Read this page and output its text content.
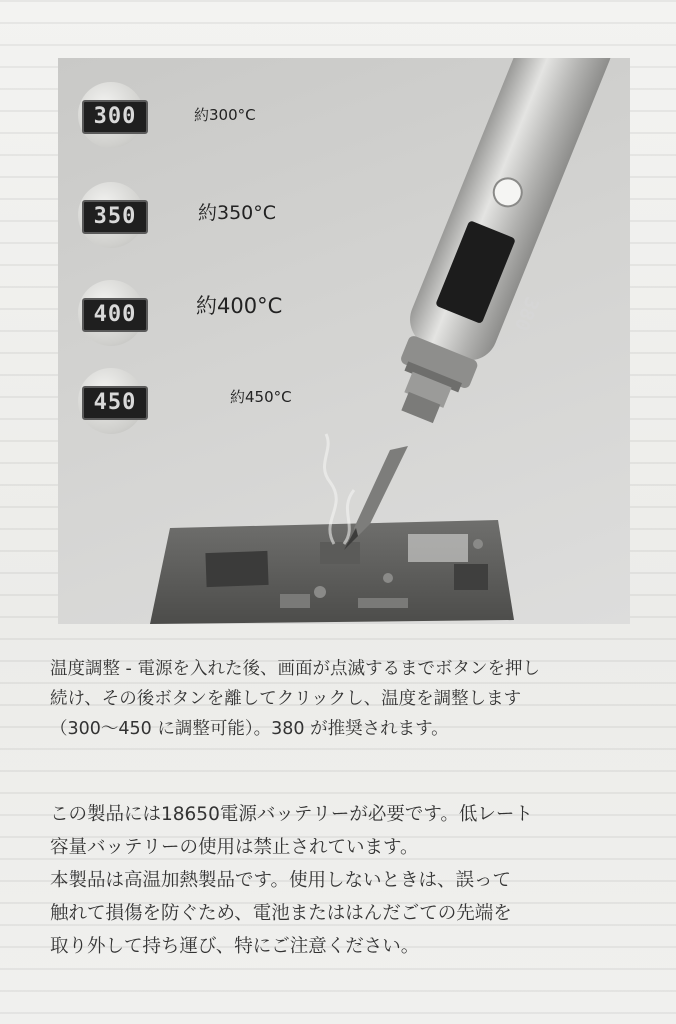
300	約300°C
350	約350°C
400	約400°C
450	約450°C
380

温度調整 - 電源を入れた後、画面が点滅するまでボタンを押し
続け、その後ボタンを離してクリックし、温度を調整します
（300～450 に調整可能）。380 が推奨されます。

この製品には18650電源バッテリーが必要です。低レート
容量バッテリーの使用は禁止されています。
本製品は高温加熱製品です。使用しないときは、誤って
触れて損傷を防ぐため、電池またははんだごての先端を
取り外して持ち運び、特にご注意ください。
